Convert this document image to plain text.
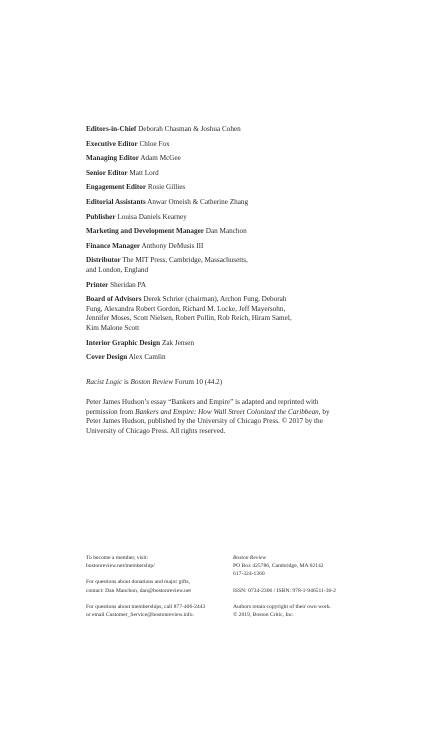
Editors-in-Chief Deborah Chasman & Joshua Cohen

Executive Editor Chloe Fox

Managing Editor Adam McGee

Senior Editor Matt Lord

Engagement Editor Rosie Gillies

Editorial Assistants Anwar Omeish & Catherine Zhang

Publisher Louisa Daniels Kearney

Marketing and Development Manager Dan Manchon

Finance Manager Anthony DeMusis III

Distributor The MIT Press, Cambridge, Massachusetts,
and London, England

Printer Sheridan PA

Board of Advisors Derek Schrier (chairman), Archon Fung, Deborah
Fung, Alexandra Robert Gordon, Richard M. Locke, Jeff Mayersohn,
Jennifer Moses, Scott Nielsen, Robert Pollin, Rob Reich, Hiram Samel,
Kim Malone Scott

Interior Graphic Design Zak Jensen

Cover Design Alex Camlin

Racist Logic is Boston Review Forum 10 (44.2)

Peter James Hudson’s essay “Bankers and Empire” is adapted and reprinted with permission from Bankers and Empire: How Wall Street Colonized the Caribbean, by Peter James Hudson, published by the University of Chicago Press. © 2017 by the University of Chicago Press. All rights reserved.

To become a member, visit:
bostonreview.net/membership/
For questions about donations and major gifts,
contact: Dan Manchon, dan@bostonreview.net
For questions about memberships, call 877-406-2443
or email Customer_Service@bostonreview.info.
Boston Review
PO Box 425786, Cambridge, MA 02142
617-324-1360
ISSN: 0734-2306 / ISBN: 978-1-946511-36-2
Authors retain copyright of their own work.
© 2019, Boston Critic, Inc.
